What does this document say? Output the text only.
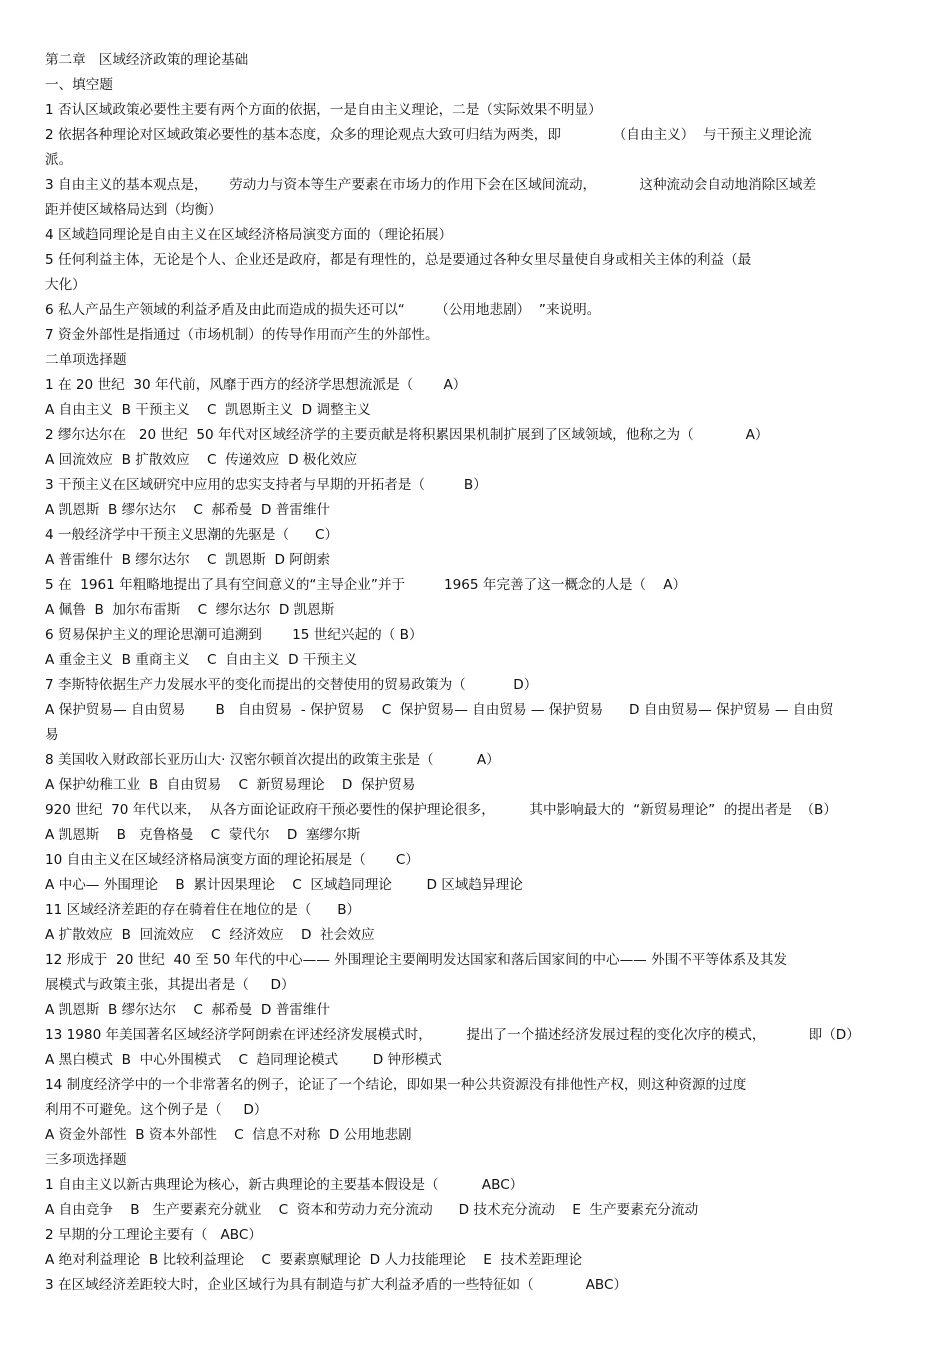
第二章   区域经济政策的理论基础
一、填空题
1 否认区域政策必要性主要有两个方面的依据，一是自由主义理论，二是（实际效果不明显）
2 依据各种理论对区域政策必要性的基本态度，众多的理论观点大致可归结为两类，即            （自由主义）  与干预主义理论流
派。
3 自由主义的基本观点是，     劳动力与资本等生产要素在市场力的作用下会在区域间流动，          这种流动会自动地消除区域差
距并使区域格局达到（均衡）
4 区域趋同理论是自由主义在区域经济格局演变方面的（理论拓展）
5 任何利益主体，无论是个人、企业还是政府，都是有理性的，总是要通过各种女里尽量使自身或相关主体的利益（最
大化）
6 私人产品生产领域的利益矛盾及由此而造成的损失还可以“       （公用地悲剧）  ”来说明。
7 资金外部性是指通过（市场机制）的传导作用而产生的外部性。
二单项选择题
1 在 20 世纪  30 年代前，风靡于西方的经济学思想流派是（       A）
A 自由主义  B 干预主义    C  凯恩斯主义  D 调整主义
2 缪尔达尔在   20 世纪  50 年代对区域经济学的主要贡献是将积累因果机制扩展到了区域领域，他称之为（            A）
A 回流效应  B 扩散效应    C  传递效应  D 极化效应
3 干预主义在区域研究中应用的忠实支持者与早期的开拓者是（         B）
A 凯恩斯  B 缪尔达尔    C  郝希曼  D 普雷维什
4 一般经济学中干预主义思潮的先驱是（      C）
A 普雷维什  B 缪尔达尔    C  凯恩斯  D 阿朗索
5 在  1961 年粗略地提出了具有空间意义的“主导企业”并于         1965 年完善了这一概念的人是（    A）
A 佩鲁  B  加尔布雷斯    C  缪尔达尔  D 凯恩斯
6 贸易保护主义的理论思潮可追溯到       15 世纪兴起的（ B）
A 重金主义  B 重商主义    C  自由主义  D 干预主义
7 李斯特依据生产力发展水平的变化而提出的交替使用的贸易政策为（           D）
A 保护贸易— 自由贸易       B   自由贸易  - 保护贸易    C  保护贸易— 自由贸易 — 保护贸易      D 自由贸易— 保护贸易 — 自由贸
易
8 美国收入财政部长亚历山大· 汉密尔顿首次提出的政策主张是（          A）
A 保护幼稚工业  B  自由贸易    C  新贸易理论    D  保护贸易
920 世纪  70 年代以来，  从各方面论证政府干预必要性的保护理论很多，        其中影响最大的  “新贸易理论”  的提出者是  （B）
A 凯恩斯    B   克鲁格曼    C  蒙代尔    D  塞缪尔斯
10 自由主义在区域经济格局演变方面的理论拓展是（       C）
A 中心— 外围理论    B  累计因果理论    C  区域趋同理论        D 区域趋异理论
11 区域经济差距的存在骑着住在地位的是（      B）
A 扩散效应  B  回流效应    C  经济效应    D  社会效应
12 形成于  20 世纪  40 至 50 年代的中心—— 外围理论主要阐明发达国家和落后国家间的中心—— 外围不平等体系及其发
展模式与政策主张，其提出者是（     D）
A 凯恩斯  B 缪尔达尔    C  郝希曼  D 普雷维什
13 1980 年美国著名区域经济学阿朗索在评述经济发展模式时，        提出了一个描述经济发展过程的变化次序的模式，          即（D）
A 黑白模式  B  中心外围模式    C  趋同理论模式        D 钟形模式
14 制度经济学中的一个非常著名的例子，论证了一个结论，即如果一种公共资源没有排他性产权，则这种资源的过度
利用不可避免。这个例子是（     D）
A 资金外部性  B 资本外部性    C  信息不对称  D 公用地悲剧
三多项选择题
1 自由主义以新古典理论为核心，新古典理论的主要基本假设是（          ABC）
A 自由竞争    B   生产要素充分就业    C  资本和劳动力充分流动      D 技术充分流动    E  生产要素充分流动
2 早期的分工理论主要有（   ABC）
A 绝对利益理论  B 比较利益理论    C  要素禀赋理论  D 人力技能理论    E  技术差距理论
3 在区域经济差距较大时，企业区域行为具有制造与扩大利益矛盾的一些特征如（            ABC）
